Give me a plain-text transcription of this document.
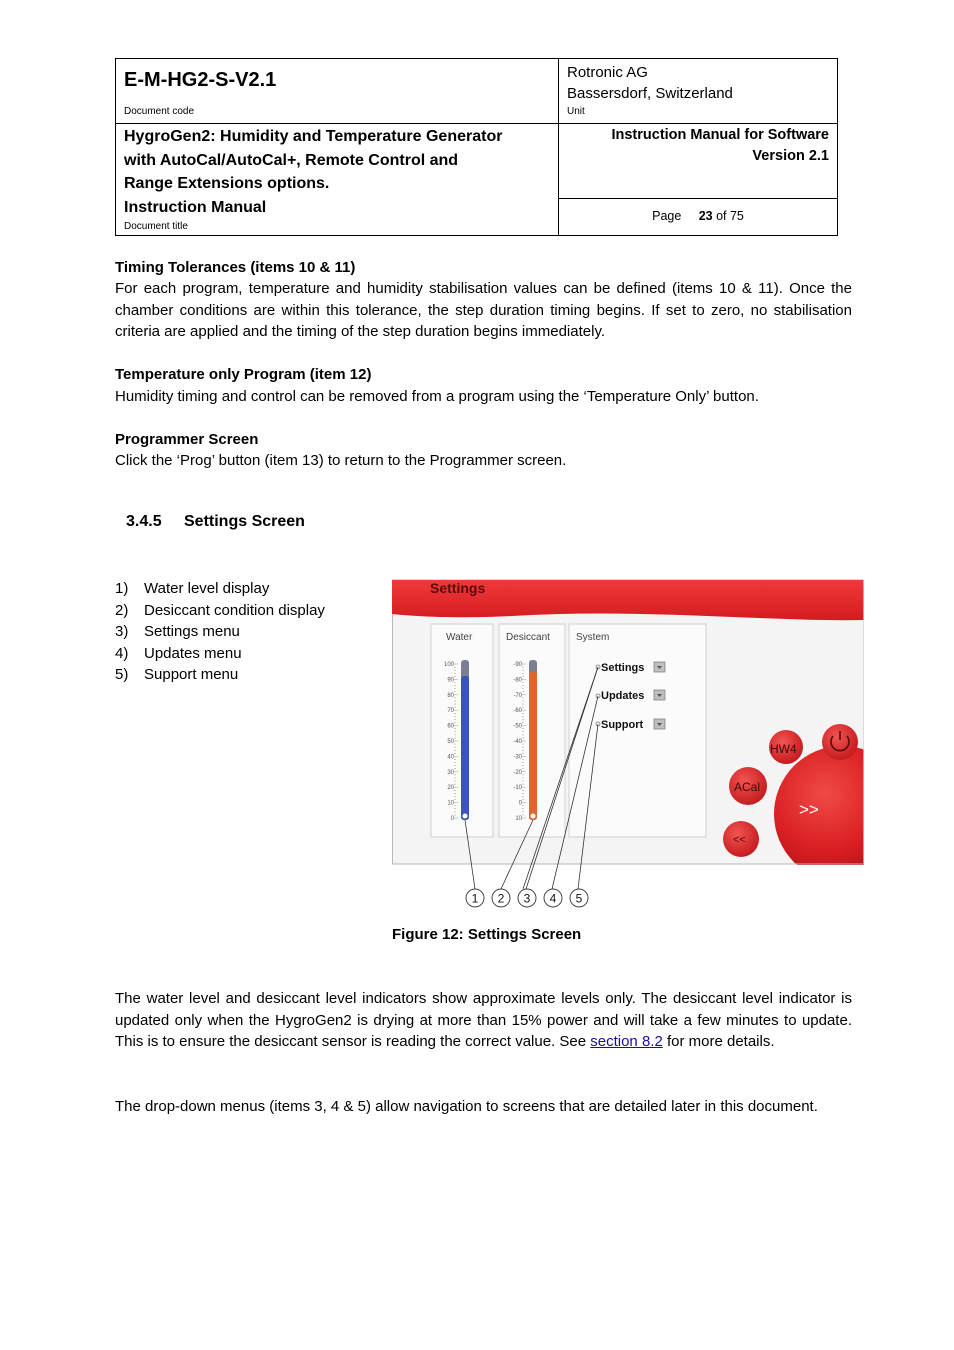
E-M-HG2-S-V2.1
Document code
Rotronic AG
Bassersdorf, Switzerland
Unit
HygroGen2: Humidity and Temperature Generator
with AutoCal/AutoCal+, Remote Control and
Range Extensions options.
Instruction Manual
Document title
Instruction Manual for Software
Version 2.1
Page 23 of 75
Timing Tolerances (items 10 & 11)
For each program, temperature and humidity stabilisation values can be defined (items 10 & 11). Once the chamber conditions are within this tolerance, the step duration timing begins. If set to zero, no stabilisation criteria are applied and the timing of the step duration begins immediately.
Temperature only Program (item 12)
Humidity timing and control can be removed from a program using the ‘Temperature Only’ button.
Programmer Screen
Click the ‘Prog’ button (item 13) to return to the Programmer screen.
3.4.5 Settings Screen
1) Water level display
2) Desiccant condition display
3) Settings menu
4) Updates menu
5) Support menu
Settings
Water
100
90
80
70
60
50
40
30
20
10
0
Desiccant
-90
-80
-70
-60
-50
-40
-30
-20
-10
0
10
System
Settings
Updates
Support
>>
HW4
ACal
<<
1 2 3 4 5
Figure 12: Settings Screen
The water level and desiccant level indicators show approximate levels only. The desiccant level indicator is updated only when the HygroGen2 is drying at more than 15% power and will take a few minutes to update. This is to ensure the desiccant sensor is reading the correct value. See section 8.2 for more details.
The drop-down menus (items 3, 4 & 5) allow navigation to screens that are detailed later in this document.
